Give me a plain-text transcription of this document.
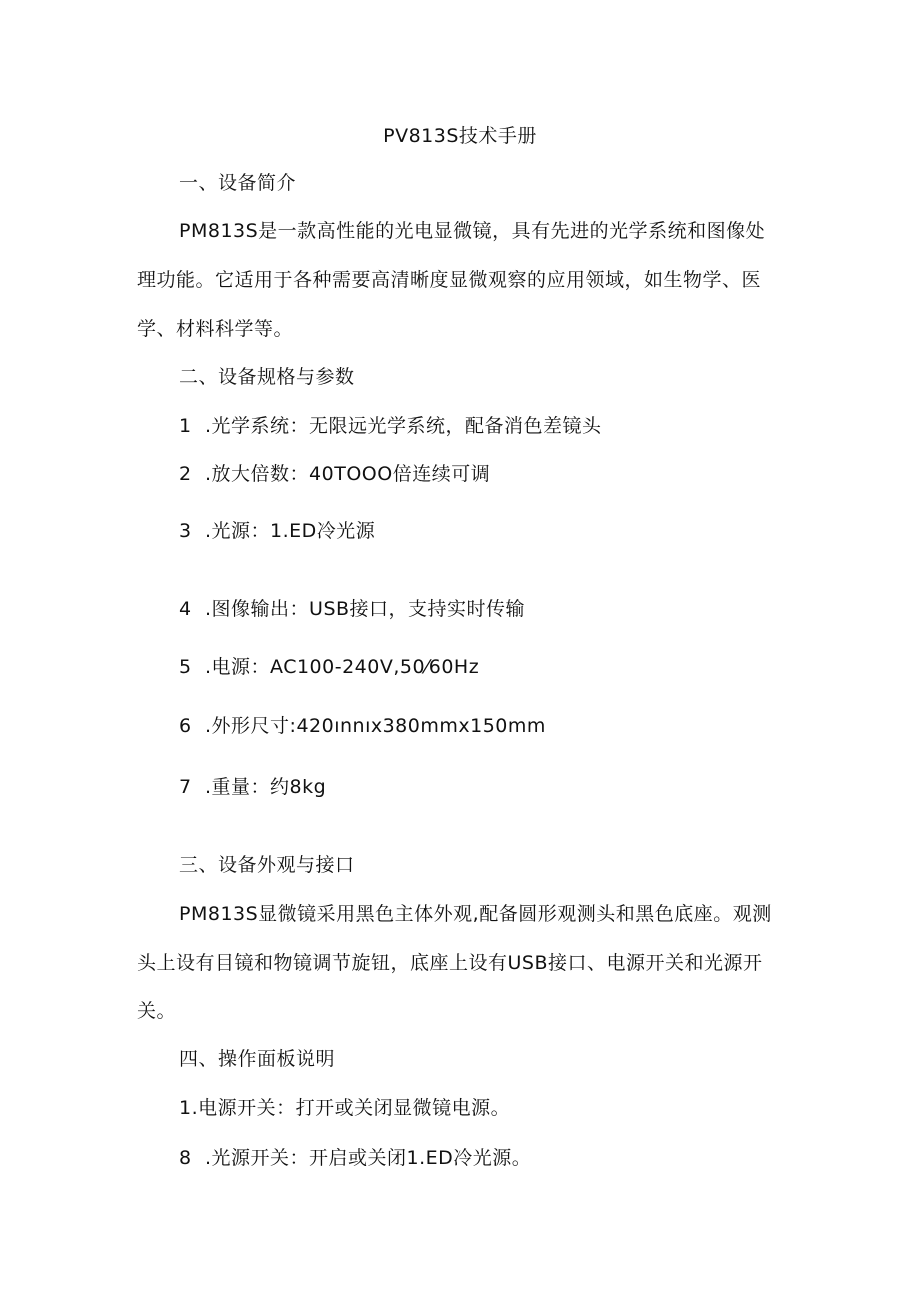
PV813S技术手册
一、设备简介
PM813S是一款高性能的光电显微镜，具有先进的光学系统和图像处
理功能。它适用于各种需要高清晰度显微观察的应用领域，如生物学、医
学、材料科学等。
二、设备规格与参数
1 .光学系统：无限远光学系统，配备消色差镜头
2 .放大倍数：40TOOO倍连续可调
3 .光源：1.ED冷光源
4 .图像输出：USB接口，支持实时传输
5 .电源：AC100-240V,50⁄60Hz
6 .外形尺寸:420ınnıx380mmx150mm
7 .重量：约8kg
三、设备外观与接口
PM813S显微镜采用黑色主体外观,配备圆形观测头和黑色底座。观测
头上设有目镜和物镜调节旋钮，底座上设有USB接口、电源开关和光源开
关。
四、操作面板说明
1.电源开关：打开或关闭显微镜电源。
8 .光源开关：开启或关闭1.ED冷光源。
